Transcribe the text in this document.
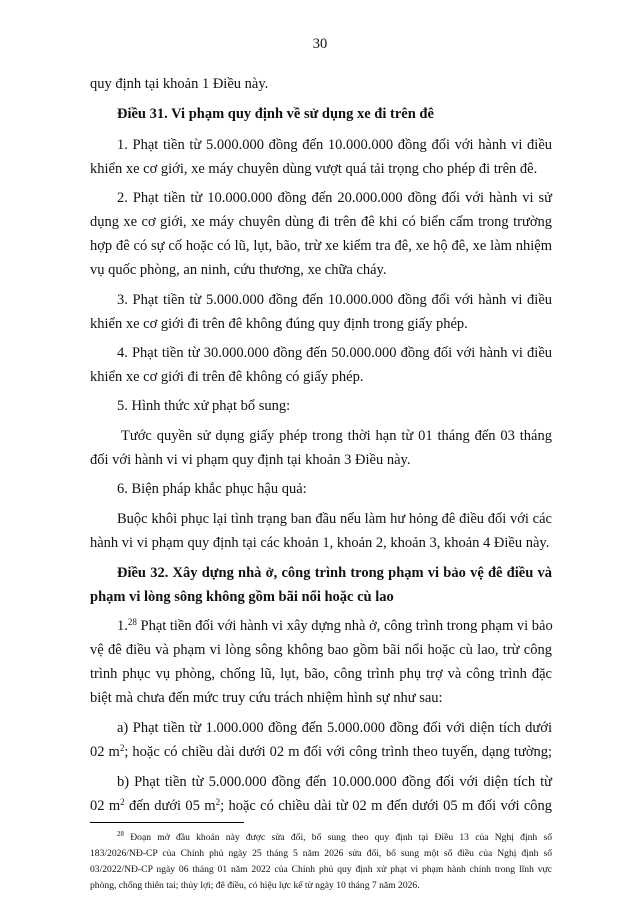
30
quy định tại khoản 1 Điều này.
Điều 31. Vi phạm quy định về sử dụng xe đi trên đê
1. Phạt tiền từ 5.000.000 đồng đến 10.000.000 đồng đối với hành vi điều
khiển xe cơ giới, xe máy chuyên dùng vượt quá tải trọng cho phép đi trên đê.
2. Phạt tiền từ 10.000.000 đồng đến 20.000.000 đồng đối với hành vi sử
dụng xe cơ giới, xe máy chuyên dùng đi trên đê khi có biển cấm trong trường
hợp đê có sự cố hoặc có lũ, lụt, bão, trừ xe kiểm tra đê, xe hộ đê, xe làm nhiệm
vụ quốc phòng, an ninh, cứu thương, xe chữa cháy.
3. Phạt tiền từ 5.000.000 đồng đến 10.000.000 đồng đối với hành vi điều
khiển xe cơ giới đi trên đê không đúng quy định trong giấy phép.
4. Phạt tiền từ 30.000.000 đồng đến 50.000.000 đồng đối với hành vi điều
khiển xe cơ giới đi trên đê không có giấy phép.
5. Hình thức xử phạt bổ sung:
Tước quyền sử dụng giấy phép trong thời hạn từ 01 tháng đến 03 tháng
đối với hành vi vi phạm quy định tại khoản 3 Điều này.
6. Biện pháp khắc phục hậu quả:
Buộc khôi phục lại tình trạng ban đầu nếu làm hư hỏng đê điều đối với các
hành vi vi phạm quy định tại các khoản 1, khoản 2, khoản 3, khoản 4 Điều này.
Điều 32. Xây dựng nhà ở, công trình trong phạm vi bảo vệ đê điều và
phạm vi lòng sông không gồm bãi nổi hoặc cù lao
1.28 Phạt tiền đối với hành vi xây dựng nhà ở, công trình trong phạm vi bảo
vệ đê điều và phạm vi lòng sông không bao gồm bãi nổi hoặc cù lao, trừ công
trình phục vụ phòng, chống lũ, lụt, bão, công trình phụ trợ và công trình đặc
biệt mà chưa đến mức truy cứu trách nhiệm hình sự như sau:
a) Phạt tiền từ 1.000.000 đồng đến 5.000.000 đồng đối với diện tích dưới
02 $m^2$; hoặc có chiều dài dưới 02 m đối với công trình theo tuyến, dạng tường;
b) Phạt tiền từ 5.000.000 đồng đến 10.000.000 đồng đối với diện tích từ
02 $m^2$ đến dưới 05 $m^2$; hoặc có chiều dài từ 02 m đến dưới 05 m đối với công
$^{28}$ Đoạn mở đầu khoản này được sửa đổi, bổ sung theo quy định tại Điều 13 của Nghị định số
183/2026/NĐ-CP của Chính phủ ngày 25 tháng 5 năm 2026 sửa đổi, bổ sung một số điều của Nghị định số
03/2022/NĐ-CP ngày 06 tháng 01 năm 2022 của Chính phủ quy định xử phạt vi phạm hành chính trong lĩnh vực
phòng, chống thiên tai; thủy lợi; đê điều, có hiệu lực kể từ ngày 10 tháng 7 năm 2026.
